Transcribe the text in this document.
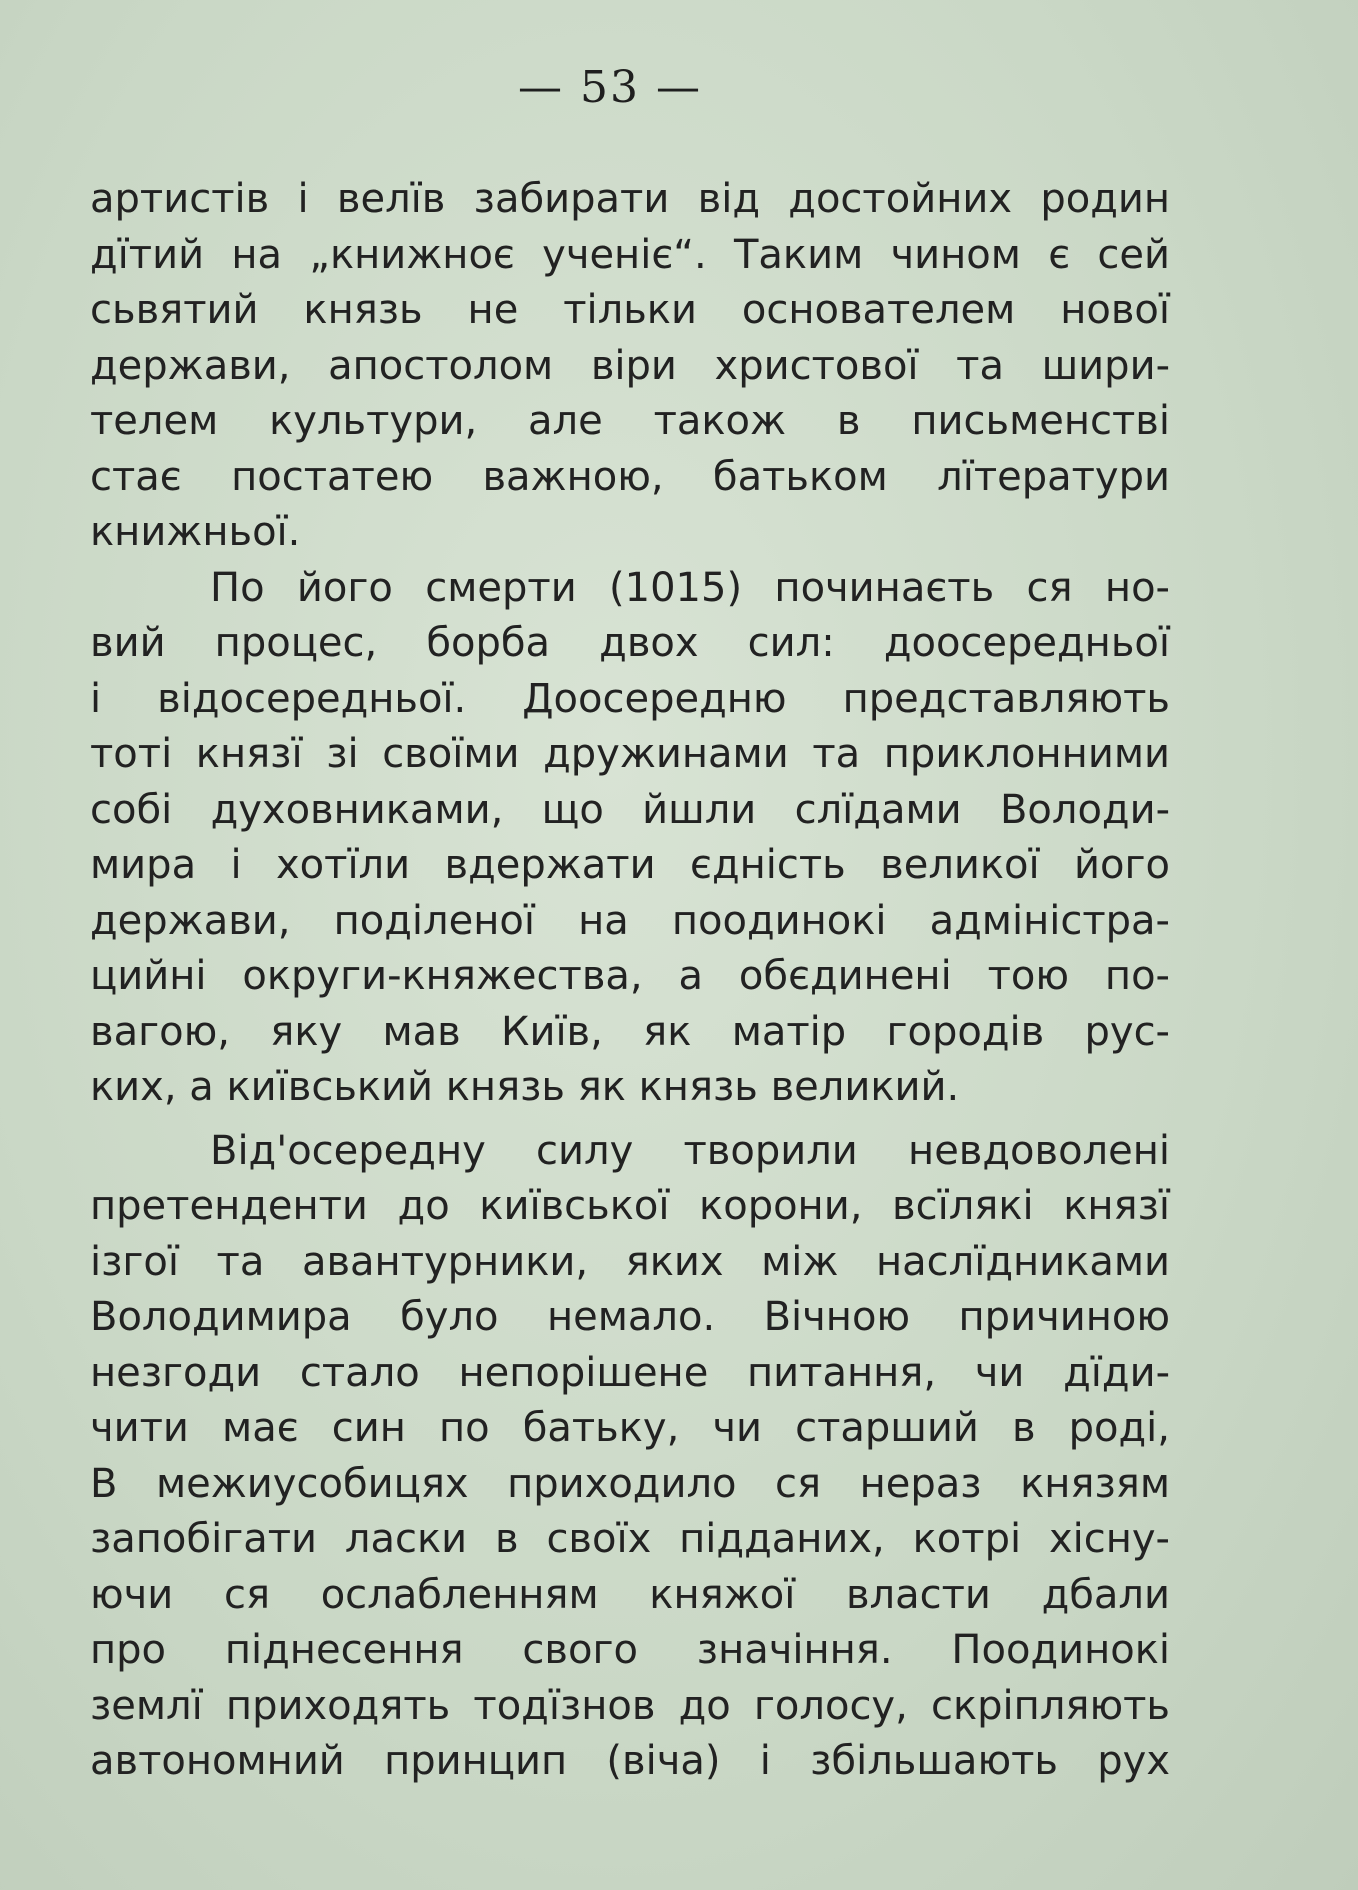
— 53 —
артистів і велїв забирати від достойних родин
дїтий на „книжноє ученіє“. Таким чином є сей
сьвятий князь не тільки основателем нової
держави, апостолом віри христової та шири-
телем культури, але також в письменстві
стає постатею важною, батьком лїтератури
книжньої.
По його смерти (1015) починаєть ся но-
вий процес, борба двох сил: доосередньої
і відосередньої. Доосередню представляють
тоті князї зі своїми дружинами та приклонними
собі духовниками, що йшли слїдами Володи-
мира і хотїли вдержати єдність великої його
держави, поділеної на поодинокі адміністра-
цийні округи-княжества, а обєдинені тою по-
вагою, яку мав Київ, як матір городів рус-
ких, а київський князь як князь великий.
Від'осередну силу творили невдоволені
претенденти до київської корони, всїлякі князї
ізгої та авантурники, яких між наслїдниками
Володимира було немало. Вічною причиною
незгоди стало непорішене питання, чи дїди-
чити має син по батьку, чи старший в роді,
В межиусобицях приходило ся нераз князям
запобігати ласки в своїх підданих, котрі хісну-
ючи ся ослабленням княжої власти дбали
про піднесення свого значіння. Поодинокі
землї приходять тодїзнов до голосу, скріпляють
автономний принцип (віча) і збільшають рух
